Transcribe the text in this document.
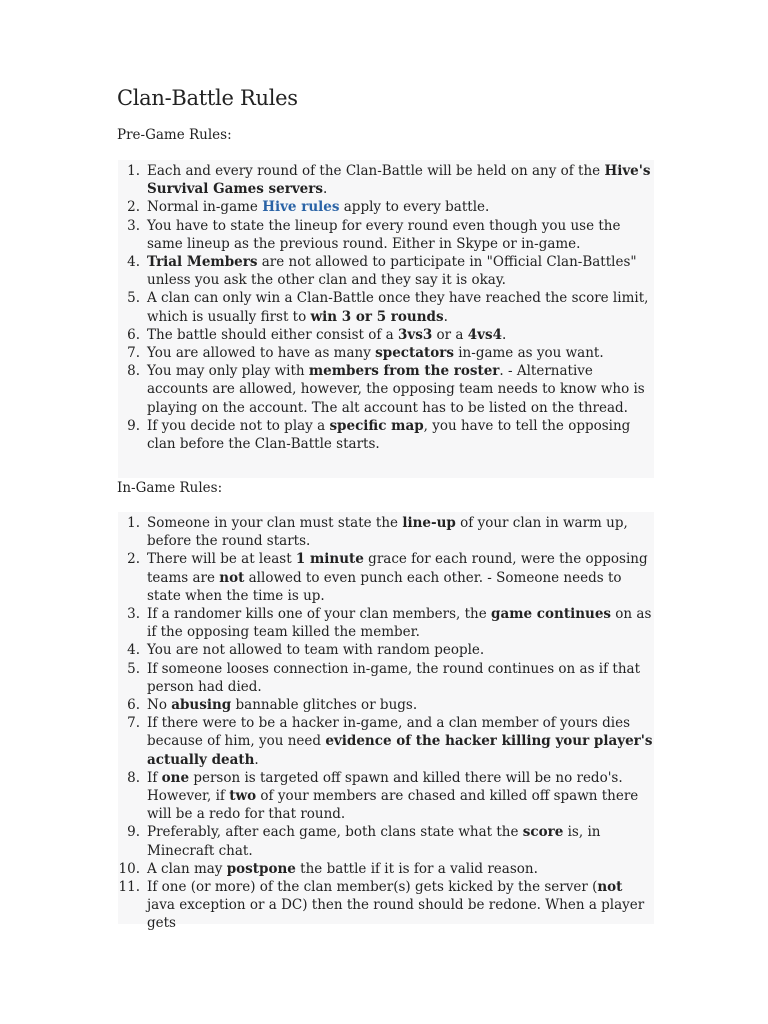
Clan-Battle Rules

Pre-Game Rules:

1. Each and every round of the Clan-Battle will be held on any of the Hive's Survival Games servers.
2. Normal in-game Hive rules apply to every battle.
3. You have to state the lineup for every round even though you use the same lineup as the previous round. Either in Skype or in-game.
4. Trial Members are not allowed to participate in "Official Clan-Battles" unless you ask the other clan and they say it is okay.
5. A clan can only win a Clan-Battle once they have reached the score limit, which is usually first to win 3 or 5 rounds.
6. The battle should either consist of a 3vs3 or a 4vs4.
7. You are allowed to have as many spectators in-game as you want.
8. You may only play with members from the roster. - Alternative accounts are allowed, however, the opposing team needs to know who is playing on the account. The alt account has to be listed on the thread.
9. If you decide not to play a specific map, you have to tell the opposing clan before the Clan-Battle starts.

In-Game Rules:

1. Someone in your clan must state the line-up of your clan in warm up, before the round starts.
2. There will be at least 1 minute grace for each round, were the opposing teams are not allowed to even punch each other. - Someone needs to state when the time is up.
3. If a randomer kills one of your clan members, the game continues on as if the opposing team killed the member.
4. You are not allowed to team with random people.
5. If someone looses connection in-game, the round continues on as if that person had died.
6. No abusing bannable glitches or bugs.
7. If there were to be a hacker in-game, and a clan member of yours dies because of him, you need evidence of the hacker killing your player's actually death.
8. If one person is targeted off spawn and killed there will be no redo's. However, if two of your members are chased and killed off spawn there will be a redo for that round.
9. Preferably, after each game, both clans state what the score is, in Minecraft chat.
10. A clan may postpone the battle if it is for a valid reason.
11. If one (or more) of the clan member(s) gets kicked by the server (not java exception or a DC) then the round should be redone. When a player gets
